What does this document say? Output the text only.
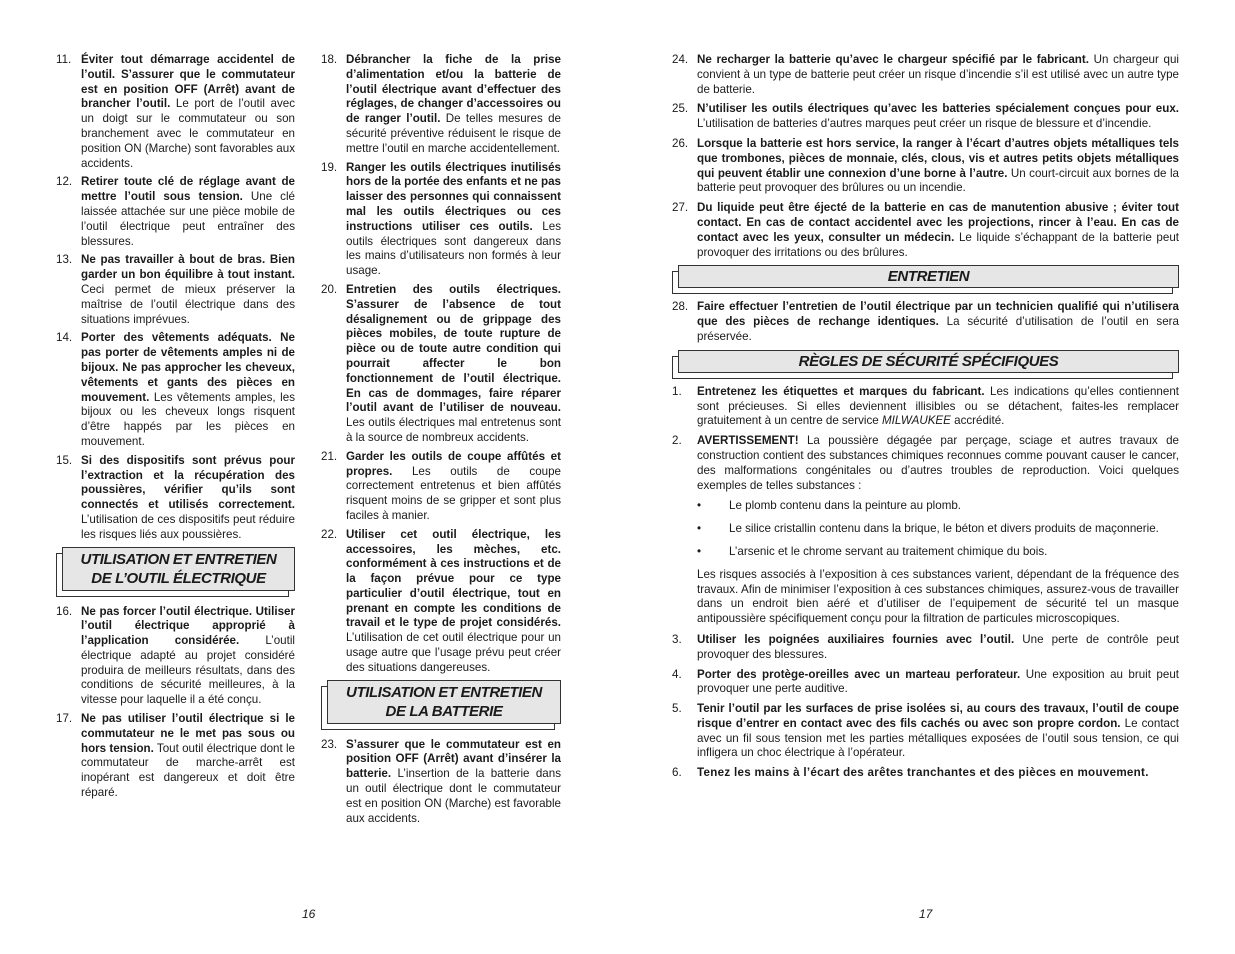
11. Éviter tout démarrage accidentel de l’outil. S’assurer que le commutateur est en position OFF (Arrêt) avant de brancher l’outil. Le port de l’outil avec un doigt sur le commutateur ou son branchement avec le commutateur en position ON (Marche) sont favorables aux accidents.
12. Retirer toute clé de réglage avant de mettre l’outil sous tension. Une clé laissée attachée sur une pièce mobile de l’outil électrique peut entraîner des blessures.
13. Ne pas travailler à bout de bras. Bien garder un bon équilibre à tout instant. Ceci permet de mieux préserver la maîtrise de l’outil électrique dans des situations imprévues.
14. Porter des vêtements adéquats. Ne pas porter de vêtements amples ni de bijoux. Ne pas approcher les cheveux, vêtements et gants des pièces en mouvement. Les vêtements amples, les bijoux ou les cheveux longs risquent d’être happés par les pièces en mouvement.
15. Si des dispositifs sont prévus pour l’extraction et la récupération des poussières, vérifier qu’ils sont connectés et utilisés correctement. L’utilisation de ces dispositifs peut réduire les risques liés aux poussières.
UTILISATION ET ENTRETIEN
DE L’OUTIL ÉLECTRIQUE
16. Ne pas forcer l’outil électrique. Utiliser l’outil électrique approprié à l’application considérée. L’outil électrique adapté au projet considéré produira de meilleurs résultats, dans des conditions de sécurité meilleures, à la vitesse pour laquelle il a été conçu.
17. Ne pas utiliser l’outil électrique si le commutateur ne le met pas sous ou hors tension. Tout outil électrique dont le commutateur de marche-arrêt est inopérant est dangereux et doit être réparé.
18. Débrancher la fiche de la prise d’alimentation et/ou la batterie de l’outil électrique avant d’effectuer des réglages, de changer d’accessoires ou de ranger l’outil. De telles mesures de sécurité préventive réduisent le risque de mettre l’outil en marche accidentellement.
19. Ranger les outils électriques inutilisés hors de la portée des enfants et ne pas laisser des personnes qui connaissent mal les outils électriques ou ces instructions utiliser ces outils. Les outils électriques sont dangereux dans les mains d’utilisateurs non formés à leur usage.
20. Entretien des outils électriques. S’assurer de l’absence de tout désalignement ou de grippage des pièces mobiles, de toute rupture de pièce ou de toute autre condition qui pourrait affecter le bon fonctionnement de l’outil électrique. En cas de dommages, faire réparer l’outil avant de l’utiliser de nouveau. Les outils électriques mal entretenus sont à la source de nombreux accidents.
21. Garder les outils de coupe affûtés et propres. Les outils de coupe correctement entretenus et bien affûtés risquent moins de se gripper et sont plus faciles à manier.
22. Utiliser cet outil électrique, les accessoires, les mèches, etc. conformément à ces instructions et de la façon prévue pour ce type particulier d’outil électrique, tout en prenant en compte les conditions de travail et le type de projet considérés. L’utilisation de cet outil électrique pour un usage autre que l’usage prévu peut créer des situations dangereuses.
UTILISATION ET ENTRETIEN
DE LA BATTERIE
23. S’assurer que le commutateur est en position OFF (Arrêt) avant d’insérer la batterie. L’insertion de la batterie dans un outil électrique dont le commutateur est en position ON (Marche) est favorable aux accidents.
16
24. Ne recharger la batterie qu’avec le chargeur spécifié par le fabricant. Un chargeur qui convient à un type de batterie peut créer un risque d’incendie s’il est utilisé avec un autre type de batterie.
25. N’utiliser les outils électriques qu’avec les batteries spécialement conçues pour eux. L’utilisation de batteries d’autres marques peut créer un risque de blessure et d’incendie.
26. Lorsque la batterie est hors service, la ranger à l’écart d’autres objets métalliques tels que trombones, pièces de monnaie, clés, clous, vis et autres petits objets métalliques qui peuvent établir une connexion d’une borne à l’autre. Un court-circuit aux bornes de la batterie peut provoquer des brûlures ou un incendie.
27. Du liquide peut être éjecté de la batterie en cas de manutention abusive ; éviter tout contact. En cas de contact accidentel avec les projections, rincer à l’eau. En cas de contact avec les yeux, consulter un médecin. Le liquide s’échappant de la batterie peut provoquer des irritations ou des brûlures.
ENTRETIEN
28. Faire effectuer l’entretien de l’outil électrique par un technicien qualifié qui n’utilisera que des pièces de rechange identiques. La sécurité d’utilisation de l’outil en sera préservée.
RÈGLES DE SÉCURITÉ SPÉCIFIQUES
1. Entretenez les étiquettes et marques du fabricant. Les indications qu’elles contiennent sont précieuses. Si elles deviennent illisibles ou se détachent, faites-les remplacer gratuitement à un centre de service MILWAUKEE accrédité.
2. AVERTISSEMENT! La poussière dégagée par perçage, sciage et autres travaux de construction contient des substances chimiques reconnues comme pouvant causer le cancer, des malformations congénitales ou d’autres troubles de reproduction. Voici quelques exemples de telles substances :
• Le plomb contenu dans la peinture au plomb.
• Le silice cristallin contenu dans la brique, le béton et divers produits de maçonnerie.
• L’arsenic et le chrome servant au traitement chimique du bois.
Les risques associés à l’exposition à ces substances varient, dépendant de la fréquence des travaux. Afin de minimiser l’exposition à ces substances chimiques, assurez-vous de travailler dans un endroit bien aéré et d’utiliser de l’equipement de sécurité tel un masque antipoussière spécifiquement conçu pour la filtration de particules microscopiques.
3. Utiliser les poignées auxiliaires fournies avec l’outil. Une perte de contrôle peut provoquer des blessures.
4. Porter des protège-oreilles avec un marteau perforateur. Une exposition au bruit peut provoquer une perte auditive.
5. Tenir l’outil par les surfaces de prise isolées si, au cours des travaux, l’outil de coupe risque d’entrer en contact avec des fils cachés ou avec son propre cordon. Le contact avec un fil sous tension met les parties métalliques exposées de l’outil sous tension, ce qui infligera un choc électrique à l’opérateur.
6. Tenez les mains à l’écart des arêtes tranchantes et des pièces en mouvement.
17
